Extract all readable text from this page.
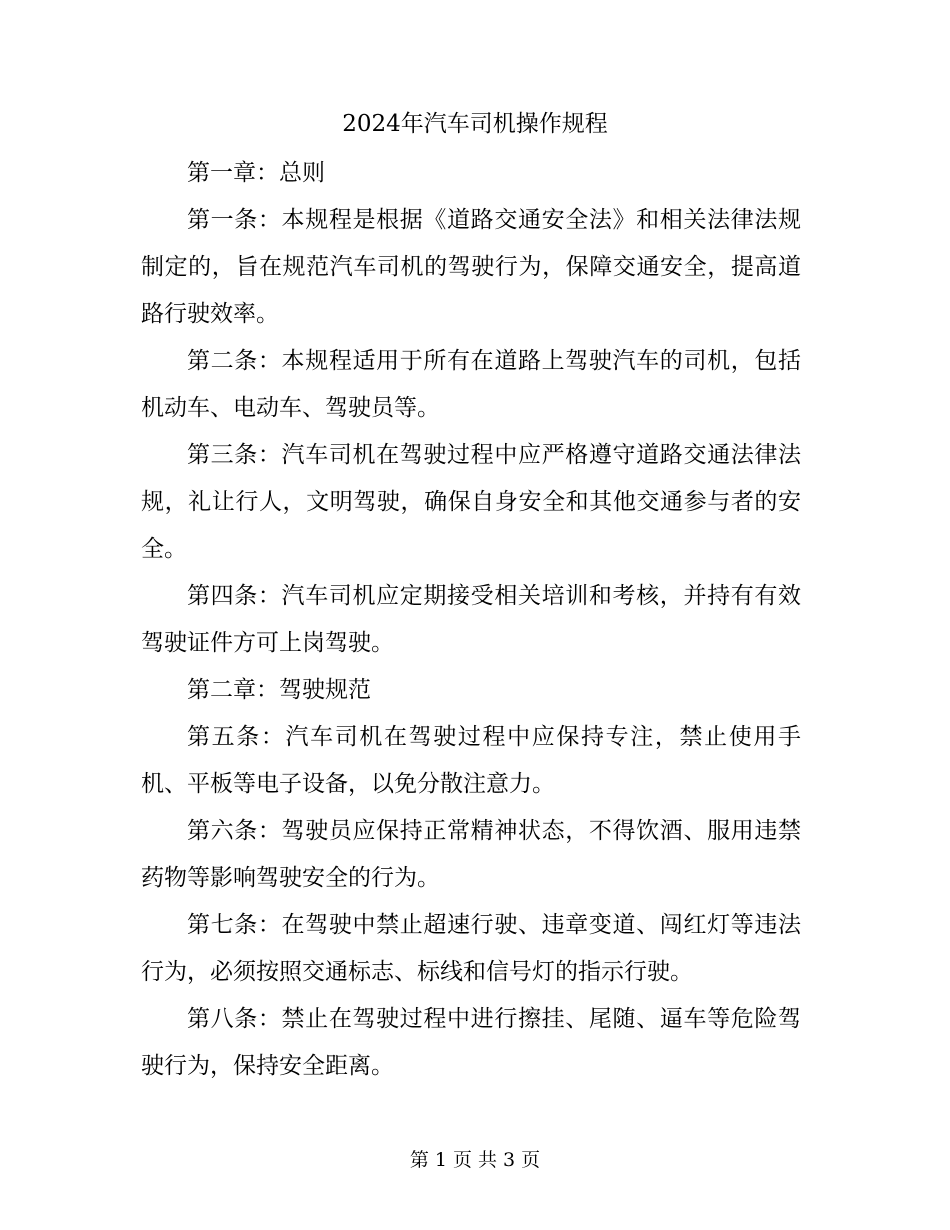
2024年汽车司机操作规程

第一章：总则

第一条：本规程是根据《道路交通安全法》和相关法律法规制定的，旨在规范汽车司机的驾驶行为，保障交通安全，提高道路行驶效率。

第二条：本规程适用于所有在道路上驾驶汽车的司机，包括机动车、电动车、驾驶员等。

第三条：汽车司机在驾驶过程中应严格遵守道路交通法律法规，礼让行人，文明驾驶，确保自身安全和其他交通参与者的安全。

第四条：汽车司机应定期接受相关培训和考核，并持有有效驾驶证件方可上岗驾驶。

第二章：驾驶规范

第五条：汽车司机在驾驶过程中应保持专注，禁止使用手机、平板等电子设备，以免分散注意力。

第六条：驾驶员应保持正常精神状态，不得饮酒、服用违禁药物等影响驾驶安全的行为。

第七条：在驾驶中禁止超速行驶、违章变道、闯红灯等违法行为，必须按照交通标志、标线和信号灯的指示行驶。

第八条：禁止在驾驶过程中进行擦挂、尾随、逼车等危险驾驶行为，保持安全距离。

第 1 页 共 3 页
